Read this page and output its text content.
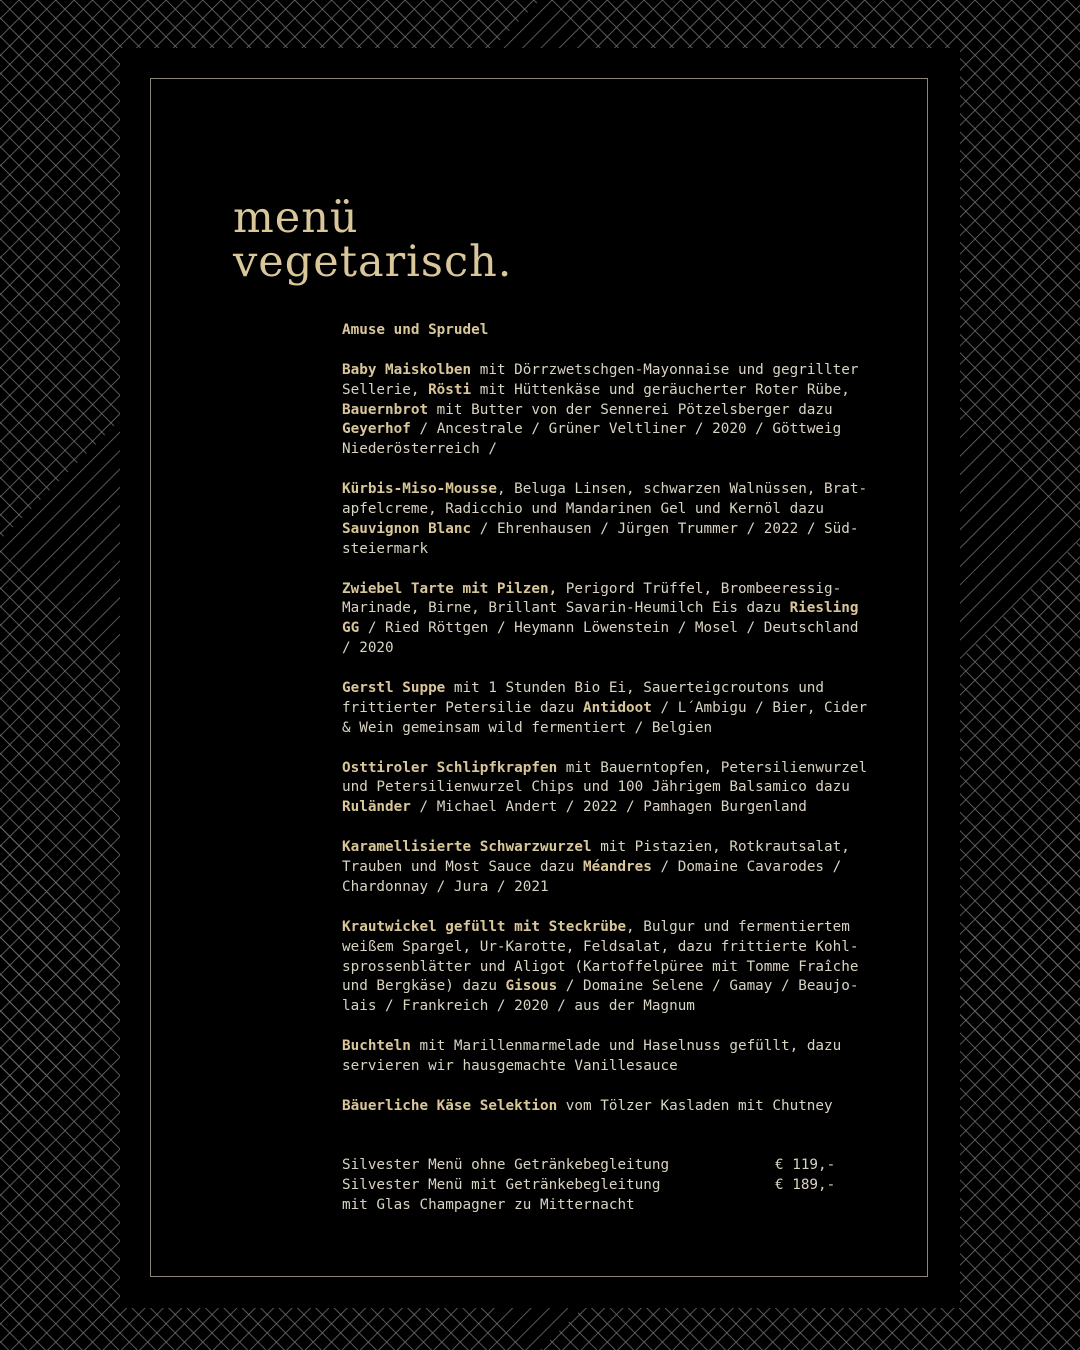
menü
vegetarisch.
Amuse und Sprudel
Baby Maiskolben mit Dörrzwetschgen-Mayonnaise und gegrillter
Sellerie, Rösti mit Hüttenkäse und geräucherter Roter Rübe,
Bauernbrot mit Butter von der Sennerei Pötzelsberger dazu
Geyerhof / Ancestrale / Grüner Veltliner / 2020 / Göttweig
Niederösterreich /
Kürbis-Miso-Mousse, Beluga Linsen, schwarzen Walnüssen, Brat-
apfelcreme, Radicchio und Mandarinen Gel und Kernöl dazu
Sauvignon Blanc / Ehrenhausen / Jürgen Trummer / 2022 / Süd-
steiermark
Zwiebel Tarte mit Pilzen, Perigord Trüffel, Brombeeressig-
Marinade, Birne, Brillant Savarin-Heumilch Eis dazu Riesling
GG / Ried Röttgen / Heymann Löwenstein / Mosel / Deutschland
/ 2020
Gerstl Suppe mit 1 Stunden Bio Ei, Sauerteigcroutons und
frittierter Petersilie dazu Antidoot / L´Ambigu / Bier, Cider
& Wein gemeinsam wild fermentiert / Belgien
Osttiroler Schlipfkrapfen mit Bauerntopfen, Petersilienwurzel
und Petersilienwurzel Chips und 100 Jährigem Balsamico dazu
Ruländer / Michael Andert / 2022 / Pamhagen Burgenland
Karamellisierte Schwarzwurzel mit Pistazien, Rotkrautsalat,
Trauben und Most Sauce dazu Méandres / Domaine Cavarodes /
Chardonnay / Jura / 2021
Krautwickel gefüllt mit Steckrübe, Bulgur und fermentiertem
weißem Spargel, Ur-Karotte, Feldsalat, dazu frittierte Kohl-
sprossenblätter und Aligot (Kartoffelpüree mit Tomme Fraîche
und Bergkäse) dazu Gisous / Domaine Selene / Gamay / Beaujo-
lais / Frankreich / 2020 / aus der Magnum
Buchteln mit Marillenmarmelade und Haselnuss gefüllt, dazu
servieren wir hausgemachte Vanillesauce
Bäuerliche Käse Selektion vom Tölzer Kasladen mit Chutney
Silvester Menü ohne Getränkebegleitung	€ 119,-
Silvester Menü mit Getränkebegleitung	€ 189,-
mit Glas Champagner zu Mitternacht
